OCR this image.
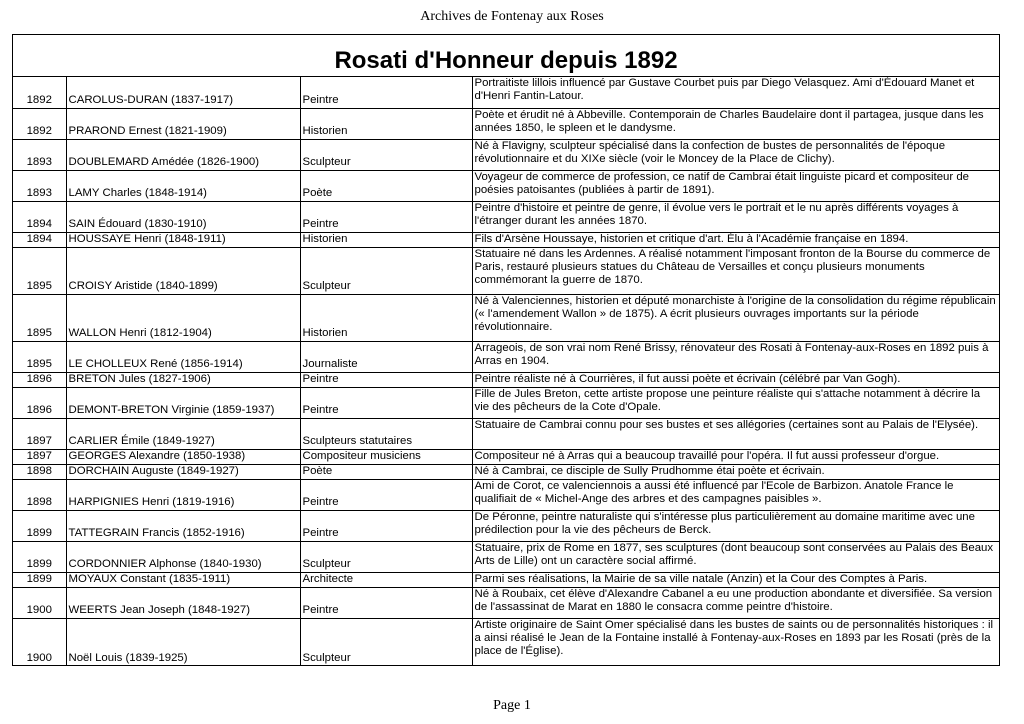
Archives de Fontenay aux Roses
Rosati d'Honneur depuis 1892
1892	CAROLUS-DURAN (1837-1917)	Peintre	Portraitiste lillois influencé par Gustave Courbet puis par Diego Velasquez. Ami d'Édouard Manet et d'Henri Fantin-Latour.
1892	PRAROND Ernest (1821-1909)	Historien	Poète et érudit né à Abbeville. Contemporain de Charles Baudelaire dont il partagea, jusque dans les années 1850, le spleen et le dandysme.
1893	DOUBLEMARD Amédée (1826-1900)	Sculpteur	Né à Flavigny, sculpteur spécialisé dans la confection de bustes de personnalités de l'époque révolutionnaire et du XIXe siècle (voir le Moncey de la Place de Clichy).
1893	LAMY Charles (1848-1914)	Poète	Voyageur de commerce de profession, ce natif de Cambrai était linguiste picard et compositeur de poésies patoisantes (publiées à partir de 1891).
1894	SAIN Édouard (1830-1910)	Peintre	Peintre d'histoire et peintre de genre, il évolue vers le portrait et le nu après différents voyages à l'étranger durant les années 1870.
1894	HOUSSAYE Henri (1848-1911)	Historien	Fils d'Arsène Houssaye, historien et critique d'art. Élu à l'Académie française en 1894.
1895	CROISY Aristide (1840-1899)	Sculpteur	Statuaire né dans les Ardennes. A réalisé notamment l'imposant fronton de la Bourse du commerce de Paris, restauré plusieurs statues du Château de Versailles et conçu plusieurs monuments commémorant la guerre de 1870.
1895	WALLON Henri (1812-1904)	Historien	Né à Valenciennes, historien et député monarchiste à l'origine de la consolidation du régime républicain (« l'amendement Wallon » de 1875). A écrit plusieurs ouvrages importants sur la période révolutionnaire.
1895	LE CHOLLEUX René (1856-1914)	Journaliste	Arrageois, de son vrai nom René Brissy, rénovateur des Rosati à Fontenay-aux-Roses en 1892 puis à Arras en 1904.
1896	BRETON Jules (1827-1906)	Peintre	Peintre réaliste né à Courrières, il fut aussi poète et écrivain (célébré par Van Gogh).
1896	DEMONT-BRETON Virginie (1859-1937)	Peintre	Fille de Jules Breton, cette artiste propose une peinture réaliste qui s'attache notamment à décrire la vie des pêcheurs de la Cote d'Opale.
1897	CARLIER Émile (1849-1927)	Sculpteurs statutaires	Statuaire de Cambrai connu pour ses bustes et ses allégories (certaines sont au Palais de l'Elysée).
1897	GEORGES Alexandre (1850-1938)	Compositeur musiciens	Compositeur né à Arras qui a beaucoup travaillé pour l'opéra. Il fut aussi professeur d'orgue.
1898	DORCHAIN Auguste (1849-1927)	Poète	Né à Cambrai, ce disciple de Sully Prudhomme étai poète et écrivain.
1898	HARPIGNIES Henri (1819-1916)	Peintre	Ami de Corot, ce valenciennois a aussi été influencé par l'Ecole de Barbizon. Anatole France le qualifiait de « Michel-Ange des arbres et des campagnes paisibles ».
1899	TATTEGRAIN Francis (1852-1916)	Peintre	De Péronne, peintre naturaliste qui s'intéresse plus particulièrement au domaine maritime avec une prédilection pour la vie des pêcheurs de Berck.
1899	CORDONNIER Alphonse (1840-1930)	Sculpteur	Statuaire, prix de Rome en 1877, ses sculptures (dont beaucoup sont conservées au Palais des Beaux Arts de Lille) ont un caractère social affirmé.
1899	MOYAUX Constant (1835-1911)	Architecte	Parmi ses réalisations, la Mairie de sa ville natale (Anzin) et la Cour des Comptes à Paris.
1900	WEERTS Jean Joseph (1848-1927)	Peintre	Né à Roubaix, cet élève d'Alexandre Cabanel a eu une production abondante et diversifiée. Sa version de l'assassinat de Marat en 1880 le consacra comme peintre d'histoire.
1900	Noël Louis (1839-1925)	Sculpteur	Artiste originaire de Saint Omer spécialisé dans les bustes de saints ou de personnalités historiques : il a ainsi réalisé le Jean de la Fontaine installé à Fontenay-aux-Roses en 1893 par les Rosati (près de la place de l'Église).
Page 1
